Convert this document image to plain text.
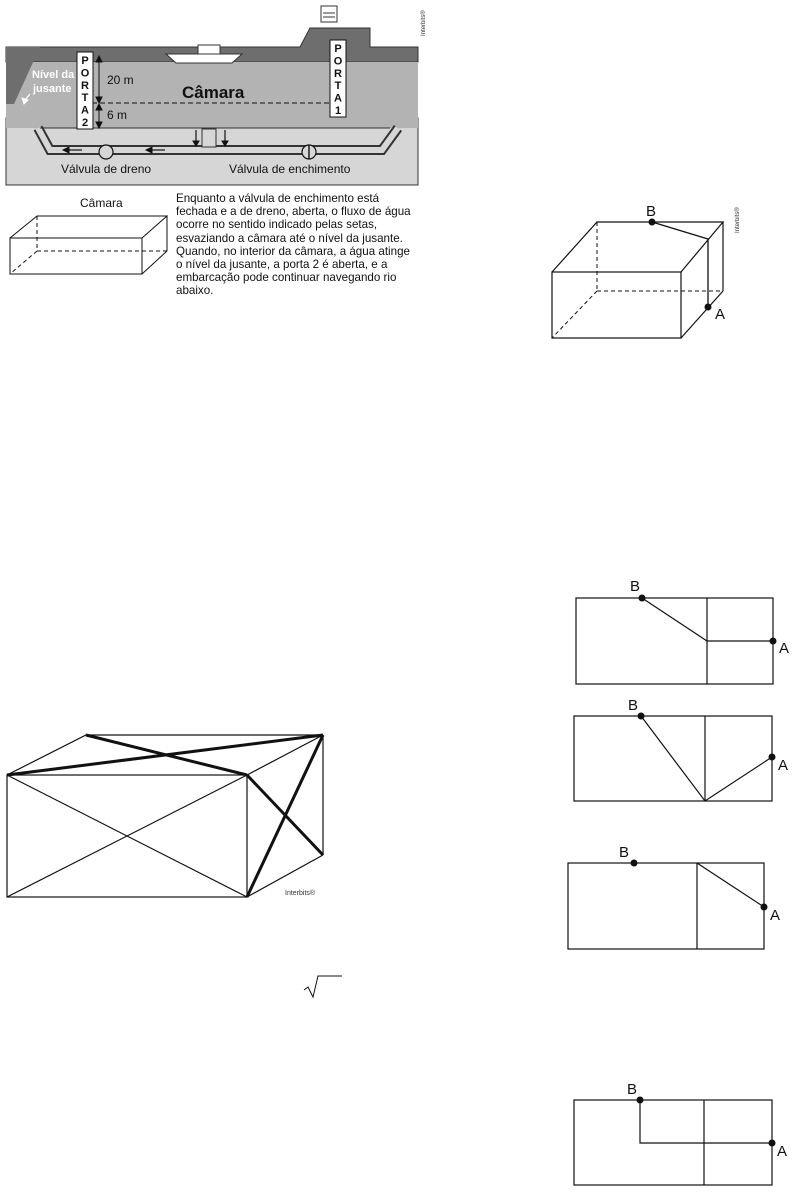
P
O
R
T
A
2
P
O
R
T
A
1
20 m
6 m
Câmara
Nível da
jusante
Válvula de dreno	Válvula de enchimento
Interbits®
Câmara	Enquanto a válvula de enchimento está fechada e a de dreno, aberta, o fluxo de água ocorre no sentido indicado pelas setas, esvaziando a câmara até o nível da jusante. Quando, no interior da câmara, a água atinge o nível da jusante, a porta 2 é aberta, e a embarcação pode continuar navegando rio abaixo.
B
A
Interbits®
B
A
B
A
B
A
B
A
Interbits®
